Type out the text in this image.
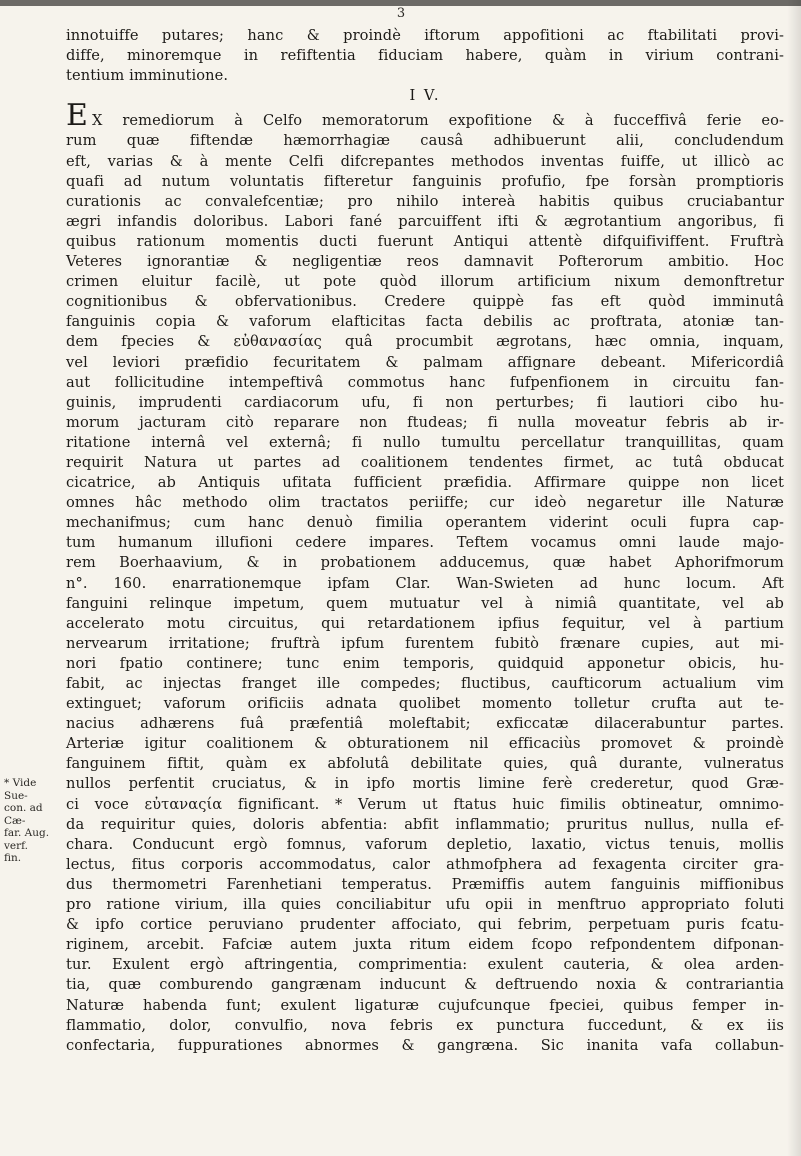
3
* Vide Sue-
con. ad Cæ-
far. Aug. verf.
fin.
innotuiffe putares; hanc & proindè iftorum appofitioni ac ftabilitati provi-
diffe, minoremque in refiftentia fiduciam habere, quàm in virium contrani-
tentium imminutione.

I V.

E X remediorum à Celfo memoratorum expofitione & à fucceffivâ ferie eo-
rum quæ fiftendæ hæmorrhagiæ causâ adhibuerunt alii, concludendum
eft, varias & à mente Celfi difcrepantes methodos inventas fuiffe, ut illicò ac
quafi ad nutum voluntatis fifteretur fanguinis profufio, fpe forsàn promptioris
curationis ac convalefcentiæ; pro nihilo intereà habitis quibus cruciabantur
ægri infandis doloribus. Labori fané parcuiffent ifti & ægrotantium angoribus, fi
quibus rationum momentis ducti fuerunt Antiqui attentè difquifiviffent. Fruftrà
Veteres ignorantiæ & negligentiæ reos damnavit Pofterorum ambitio. Hoc
crimen eluitur facilè, ut pote quòd illorum artificium nixum demonftretur
cognitionibus & obfervationibus. Credere quippè fas eft quòd imminutâ
fanguinis copia & vaforum elafticitas facta debilis ac proftrata, atoniæ tan-
dem fpecies & εὐθανασίας quâ procumbit ægrotans, hæc omnia, inquam,
vel leviori præfidio fecuritatem & palmam affignare debeant. Mifericordiâ
aut follicitudine intempeftivâ commotus hanc fufpenfionem in circuitu fan-
guinis, imprudenti cardiacorum ufu, fi non perturbes; fi lautiori cibo hu-
morum jacturam citò reparare non ftudeas; fi nulla moveatur febris ab ir-
ritatione internâ vel externâ; fi nullo tumultu percellatur tranquillitas, quam
requirit Natura ut partes ad coalitionem tendentes firmet, ac tutâ obducat
cicatrice, ab Antiquis ufitata fufficient præfidia. Affirmare quippe non licet
omnes hâc methodo olim tractatos periiffe; cur ideò negaretur ille Naturæ
mechanifmus; cum hanc denuò fimilia operantem viderint oculi fupra cap-
tum humanum illufioni cedere impares. Teftem vocamus omni laude majo-
rem Boerhaavium, & in probationem adducemus, quæ habet Aphorifmorum
n°. 160. enarrationemque ipfam Clar. Wan-Swieten ad hunc locum. Aft
fanguini relinque impetum, quem mutuatur vel à nimiâ quantitate, vel ab
accelerato motu circuitus, qui retardationem ipfius fequitur, vel à partium
nervearum irritatione; fruftrà ipfum furentem fubitò frænare cupies, aut mi-
nori fpatio continere; tunc enim temporis, quidquid apponetur obicis, hu-
fabit, ac injectas franget ille compedes; fluctibus, caufticorum actualium vim
extinguet; vaforum orificiis adnata quolibet momento tolletur crufta aut te-
nacius adhærens fuâ præfentiâ moleftabit; exficcatæ dilacerabuntur partes.
Arteriæ igitur coalitionem & obturationem nil efficaciùs promovet & proindè
fanguinem fiftit, quàm ex abfolutâ debilitate quies, quâ durante, vulneratus
nullos perfentit cruciatus, & in ipfo mortis limine ferè crederetur, quod Græ-
ci voce εὐταναςία fignificant. * Verum ut ftatus huic fimilis obtineatur, omnimo-
da requiritur quies, doloris abfentia: abfit inflammatio; pruritus nullus, nulla ef-
chara. Conducunt ergò fomnus, vaforum depletio, laxatio, victus tenuis, mollis
lectus, fitus corporis accommodatus, calor athmofphera ad fexagenta circiter gra-
dus thermometri Farenhetiani temperatus. Præmiffis autem fanguinis miffionibus
pro ratione virium, illa quies conciliabitur ufu opii in menftruo appropriato foluti
& ipfo cortice peruviano prudenter affociato, qui febrim, perpetuam puris fcatu-
riginem, arcebit. Fafciæ autem juxta ritum eidem fcopo refpondentem difponan-
tur. Exulent ergò aftringentia, comprimentia: exulent cauteria, & olea arden-
tia, quæ comburendo gangrænam inducunt & deftruendo noxia & contrariantia
Naturæ habenda funt; exulent ligaturæ cujufcunque fpeciei, quibus femper in-
flammatio, dolor, convulfio, nova febris ex punctura fuccedunt, & ex iis
confectaria, fuppurationes abnormes & gangræna. Sic inanita vafa collabun-
